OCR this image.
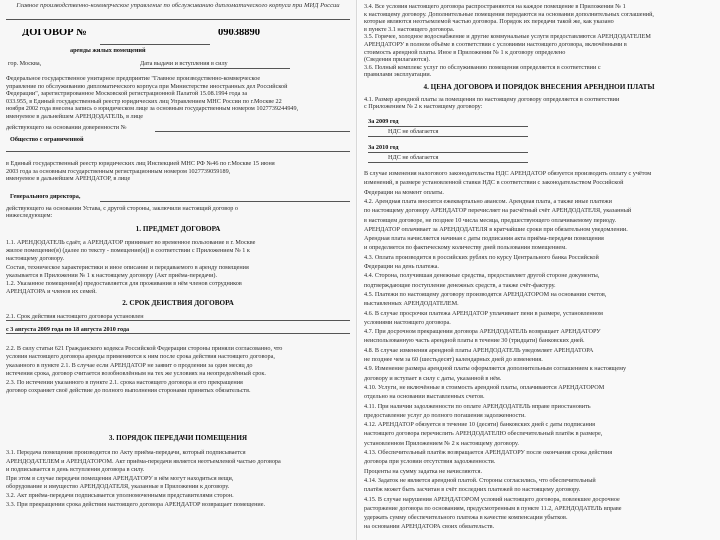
Главное производственно-коммерческое управление по обслуживанию дипломатического корпуса при МИД России
ДОГОВОР №	09038890
аренды жилых помещений
гор. Москва,	Дата выдачи и вступления в силу
Федеральное государственное унитарное предприятие "Главное производственно-коммерческое
управление по обслуживанию дипломатического корпуса при Министерстве иностранных дел Российской
Федерации", зарегистрированное Московской регистрационной Палатой 15.08.1994 года за
033.955, в Единый государственный реестр юридических лиц Управлением МНС России по г.Москве 22
ноября 2002 года внесена запись о юридическом лице за основным государственным номером 1027739244949,
именуемое в дальнейшем АРЕНДОДАТЕЛЬ, в лице
действующего на основании доверенности №
Общество с ограниченной
в Единый государственный реестр юридических лиц Инспекцией МНС РФ №46 по г.Москве 15 июня
2003 года за основным государственным регистрационным номером 1027739059189,
именуемое в дальнейшем АРЕНДАТОР, в лице
Генерального директора,
действующего на основании Устава, с другой стороны, заключили настоящий договор о
нижеследующем:
1. ПРЕДМЕТ ДОГОВОРА
1.1. АРЕНДОДАТЕЛЬ сдаёт, а АРЕНДАТОР принимает во временное пользование в г. Москве
жилое помещение(я) (далее по тексту - помещение(я)) в соответствии с Приложением № 1 к
настоящему договору.
Состав, техническое характеристики и иное описание и передаваемого в аренду помещения
указывается в Приложении № 1 к настоящему договору (Акт приёма-передачи).
1.2. Указанное помещение(я) предоставляется для проживания в нём членов сотрудников
АРЕНДАТОРА и членов их семей.
2. СРОК ДЕЙСТВИЯ ДОГОВОРА
2.1. Срок действия настоящего договора установлен
с 3 августа 2009 года по 18 августа 2010 года
2.2. В силу статьи 621 Гражданского кодекса Российской Федерации стороны приняли согласованно, что
условия настоящего договора аренды применяются к ним после срока действия настоящего договора,
указанного в пункте 2.1. В случае если АРЕНДАТОР не заявит о продлении за один месяц до
истечения срока, договор считается возобновлённым на тех же условиях на неопределённый срок.
2.3. По истечении указанного в пункте 2.1. срока настоящего договора и его прекращения
договор сохраняет своё действие до полного выполнения сторонами принятых обязательств.
3. ПОРЯДОК ПЕРЕДАЧИ ПОМЕЩЕНИЯ
3.1. Передача помещения производится по Акту приёма-передачи, который подписывается
АРЕНДОДАТЕЛЕМ и АРЕНДАТОРОМ. Акт приёма-передачи является неотъемлемой частью договора
и подписывается в день вступления договора в силу.
При этом в случае передачи помещения АРЕНДАТОРУ в нём могут находиться вещи,
оборудование и имущество АРЕНДОДАТЕЛЯ, указанные в Приложении к договору.
3.2. Акт приёма-передачи подписывается уполномоченными представителями сторон.
3.3. При прекращении срока действия настоящего договора АРЕНДАТОР возвращает помещение.
3.4. Все условия настоящего договора распространяются на каждое помещение в Приложении № 1
к настоящему договору. Дополнительные помещения передаются на основании дополнительных соглашений,
которые являются неотъемлемой частью договора. Порядок их передачи такой же, как указано
в пункте 3.1 настоящего договора.
3.5. Горячее, холодное водоснабжение и другие коммунальные услуги предоставляются АРЕНДОДАТЕЛЕМ
АРЕНДАТОРУ в полном объёме в соответствии с условиями настоящего договора, включёнными в
стоимость арендной платы. Иное в Приложении № 1 к договору определено
(Сведения прилагаются).
3.6. Полный комплекс услуг по обслуживанию помещения определяется в соответствии с
правилами эксплуатации.
4. ЦЕНА ДОГОВОРА И ПОРЯДОК ВНЕСЕНИЯ АРЕНДНОЙ ПЛАТЫ
4.1. Размер арендной платы за помещения по настоящему договору определяется в соответствии
с Приложением № 2 к настоящему договору:
За 2009 год
НДС не облагается
За 2010 год
НДС не облагается
В случае изменения налогового законодательства НДС АРЕНДАТОР обязуется производить оплату с учётом
изменений, в размере установленной ставки НДС в соответствии с законодательством Российской
Федерации на момент оплаты.
4.2. Арендная плата вносится ежеквартально авансом. Арендная плата, а также иные платежи
по настоящему договору АРЕНДАТОР перечисляет на расчётный счёт АРЕНДОДАТЕЛЯ, указанный
в настоящем договоре, не позднее 10 числа месяца, предшествующего оплачиваемому периоду.
АРЕНДАТОР оплачивает за АРЕНДОДАТЕЛЯ в кратчайшие сроки при обязательном уведомлении.
Арендная плата начисляется начиная с даты подписания акта приёма-передачи помещения
и определяется по фактическому количеству дней пользования помещением.
4.3. Оплата производится в российских рублях по курсу Центрального банка Российской
Федерации на день платежа.
4.4. Сторона, получившая денежные средства, предоставляет другой стороне документы,
подтверждающие поступление денежных средств, а также счёт-фактуру.
4.5. Платежи по настоящему договору производятся АРЕНДАТОРОМ на основании счетов,
выставленных АРЕНДОДАТЕЛЕМ.
4.6. В случае просрочки платежа АРЕНДАТОР уплачивает пени в размере, установленном
условиями настоящего договора.
4.7. При досрочном прекращении договора АРЕНДОДАТЕЛЬ возвращает АРЕНДАТОРУ
неиспользованную часть арендной платы в течение 30 (тридцати) банковских дней.
4.8. В случае изменения арендной платы АРЕНДОДАТЕЛЬ уведомляет АРЕНДАТОРА
не позднее чем за 60 (шестьдесят) календарных дней до изменения.
4.9. Изменение размера арендной платы оформляется дополнительным соглашением к настоящему
договору и вступает в силу с даты, указанной в нём.
4.10. Услуги, не включённые в стоимость арендной платы, оплачиваются АРЕНДАТОРОМ
отдельно на основании выставленных счетов.
4.11. При наличии задолженности по оплате АРЕНДОДАТЕЛЬ вправе приостановить
предоставление услуг до полного погашения задолженности.
4.12. АРЕНДАТОР обязуется в течение 10 (десяти) банковских дней с даты подписания
настоящего договора перечислить АРЕНДОДАТЕЛЮ обеспечительный платёж в размере,
установленном Приложением № 2 к настоящему договору.
4.13. Обеспечительный платёж возвращается АРЕНДАТОРУ после окончания срока действия
договора при условии отсутствия задолженности.
Проценты на сумму задатка не начисляются.
4.14. Задаток не является арендной платой. Стороны согласились, что обеспечительный
платёж может быть засчитан в счёт последних платежей по настоящему договору.
4.15. В случае нарушения АРЕНДАТОРОМ условий настоящего договора, повлекшее досрочное
расторжение договора по основаниям, предусмотренным в пункте 11.2, АРЕНДОДАТЕЛЬ вправе
удержать сумму обеспечительного платежа в качестве компенсации убытков.
на основании АРЕНДАТОРА своих обязательств.
